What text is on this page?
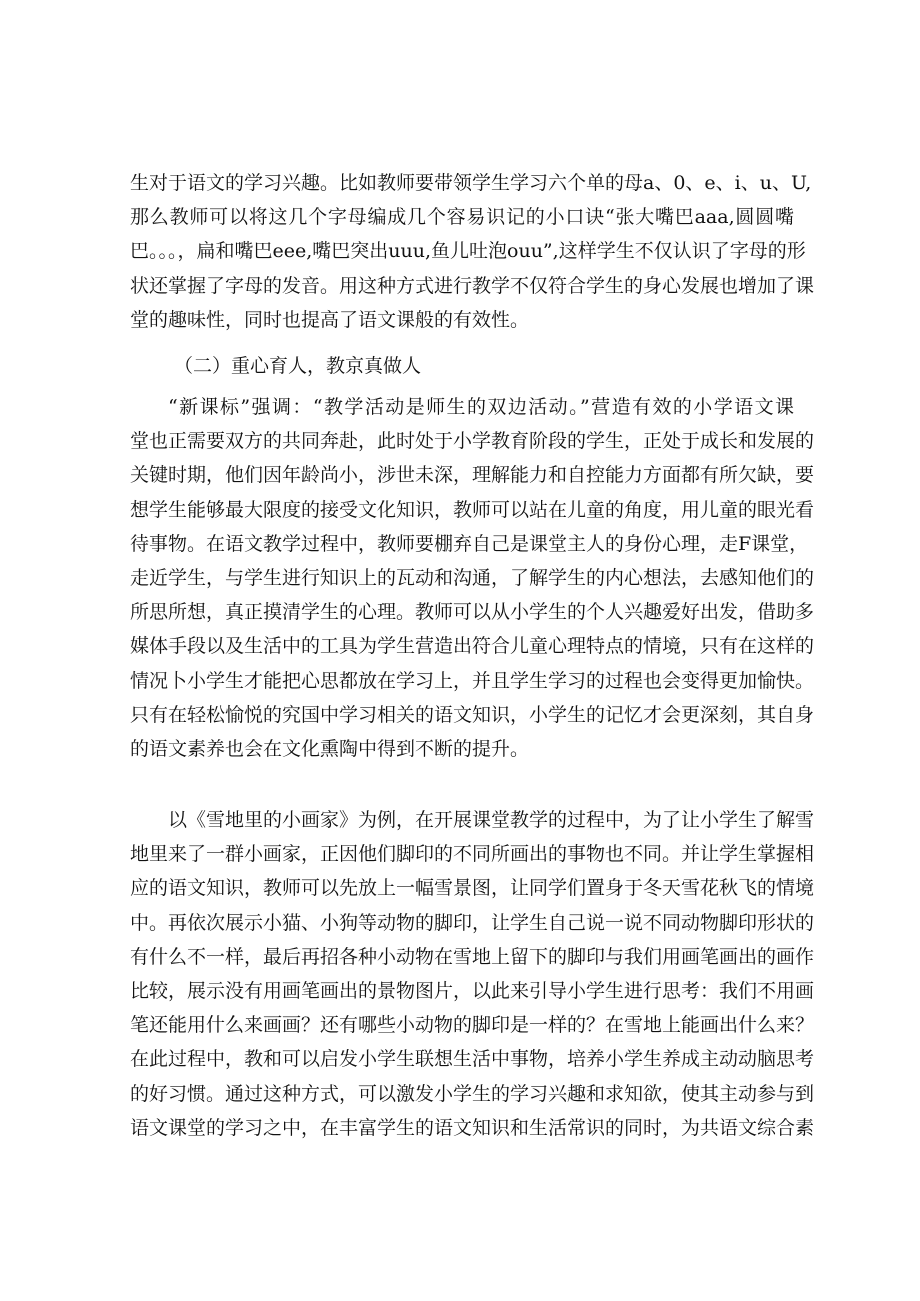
生对于语文的学习兴趣。比如教师要带领学生学习六个单的母a、0、e、i、u、U,
那么教师可以将这几个字母编成几个容易识记的小口诀“张大嘴巴aaa,圆圆嘴
巴。。。，扁和嘴巴eee,嘴巴突出uuu,鱼儿吐泡ouu”,这样学生不仅认识了字母的形
状还掌握了字母的发音。用这种方式进行教学不仅符合学生的身心发展也增加了课
堂的趣味性，同时也提高了语文课般的有效性。
（二）重心育人，教京真做人
“新课标”强调：“教学活动是师生的双边活动。”营造有效的小学语文课
堂也正需要双方的共同奔赴，此时处于小学教育阶段的学生，正处于成长和发展的
关键时期，他们因年龄尚小，涉世未深，理解能力和自控能力方面都有所欠缺，要
想学生能够最大限度的接受文化知识，教师可以站在儿童的角度，用儿童的眼光看
待事物。在语文教学过程中，教师要棚弃自己是课堂主人的身份心理，走F课堂，
走近学生，与学生进行知识上的瓦动和沟通，了解学生的内心想法，去感知他们的
所思所想，真正摸清学生的心理。教师可以从小学生的个人兴趣爱好出发，借助多
媒体手段以及生活中的工具为学生营造出符合儿童心理特点的情境，只有在这样的
情况卜小学生才能把心思都放在学习上，并且学生学习的过程也会变得更加愉快。
只有在轻松愉悦的究国中学习相关的语文知识，小学生的记忆才会更深刻，其自身
的语文素养也会在文化熏陶中得到不断的提升。
以《雪地里的小画家》为例，在开展课堂教学的过程中，为了让小学生了解雪
地里来了一群小画家，正因他们脚印的不同所画出的事物也不同。并让学生掌握相
应的语文知识，教师可以先放上一幅雪景图，让同学们置身于冬天雪花秋飞的情境
中。再依次展示小猫、小狗等动物的脚印，让学生自己说一说不同动物脚印形状的
有什么不一样，最后再招各种小动物在雪地上留下的脚印与我们用画笔画出的画作
比较，展示没有用画笔画出的景物图片，以此来引导小学生进行思考：我们不用画
笔还能用什么来画画？还有哪些小动物的脚印是一样的？在雪地上能画出什么来？
在此过程中，教和可以启发小学生联想生活中事物，培养小学生养成主动动脑思考
的好习惯。通过这种方式，可以激发小学生的学习兴趣和求知欲，使其主动参与到
语文课堂的学习之中，在丰富学生的语文知识和生活常识的同时，为共语文综合素
